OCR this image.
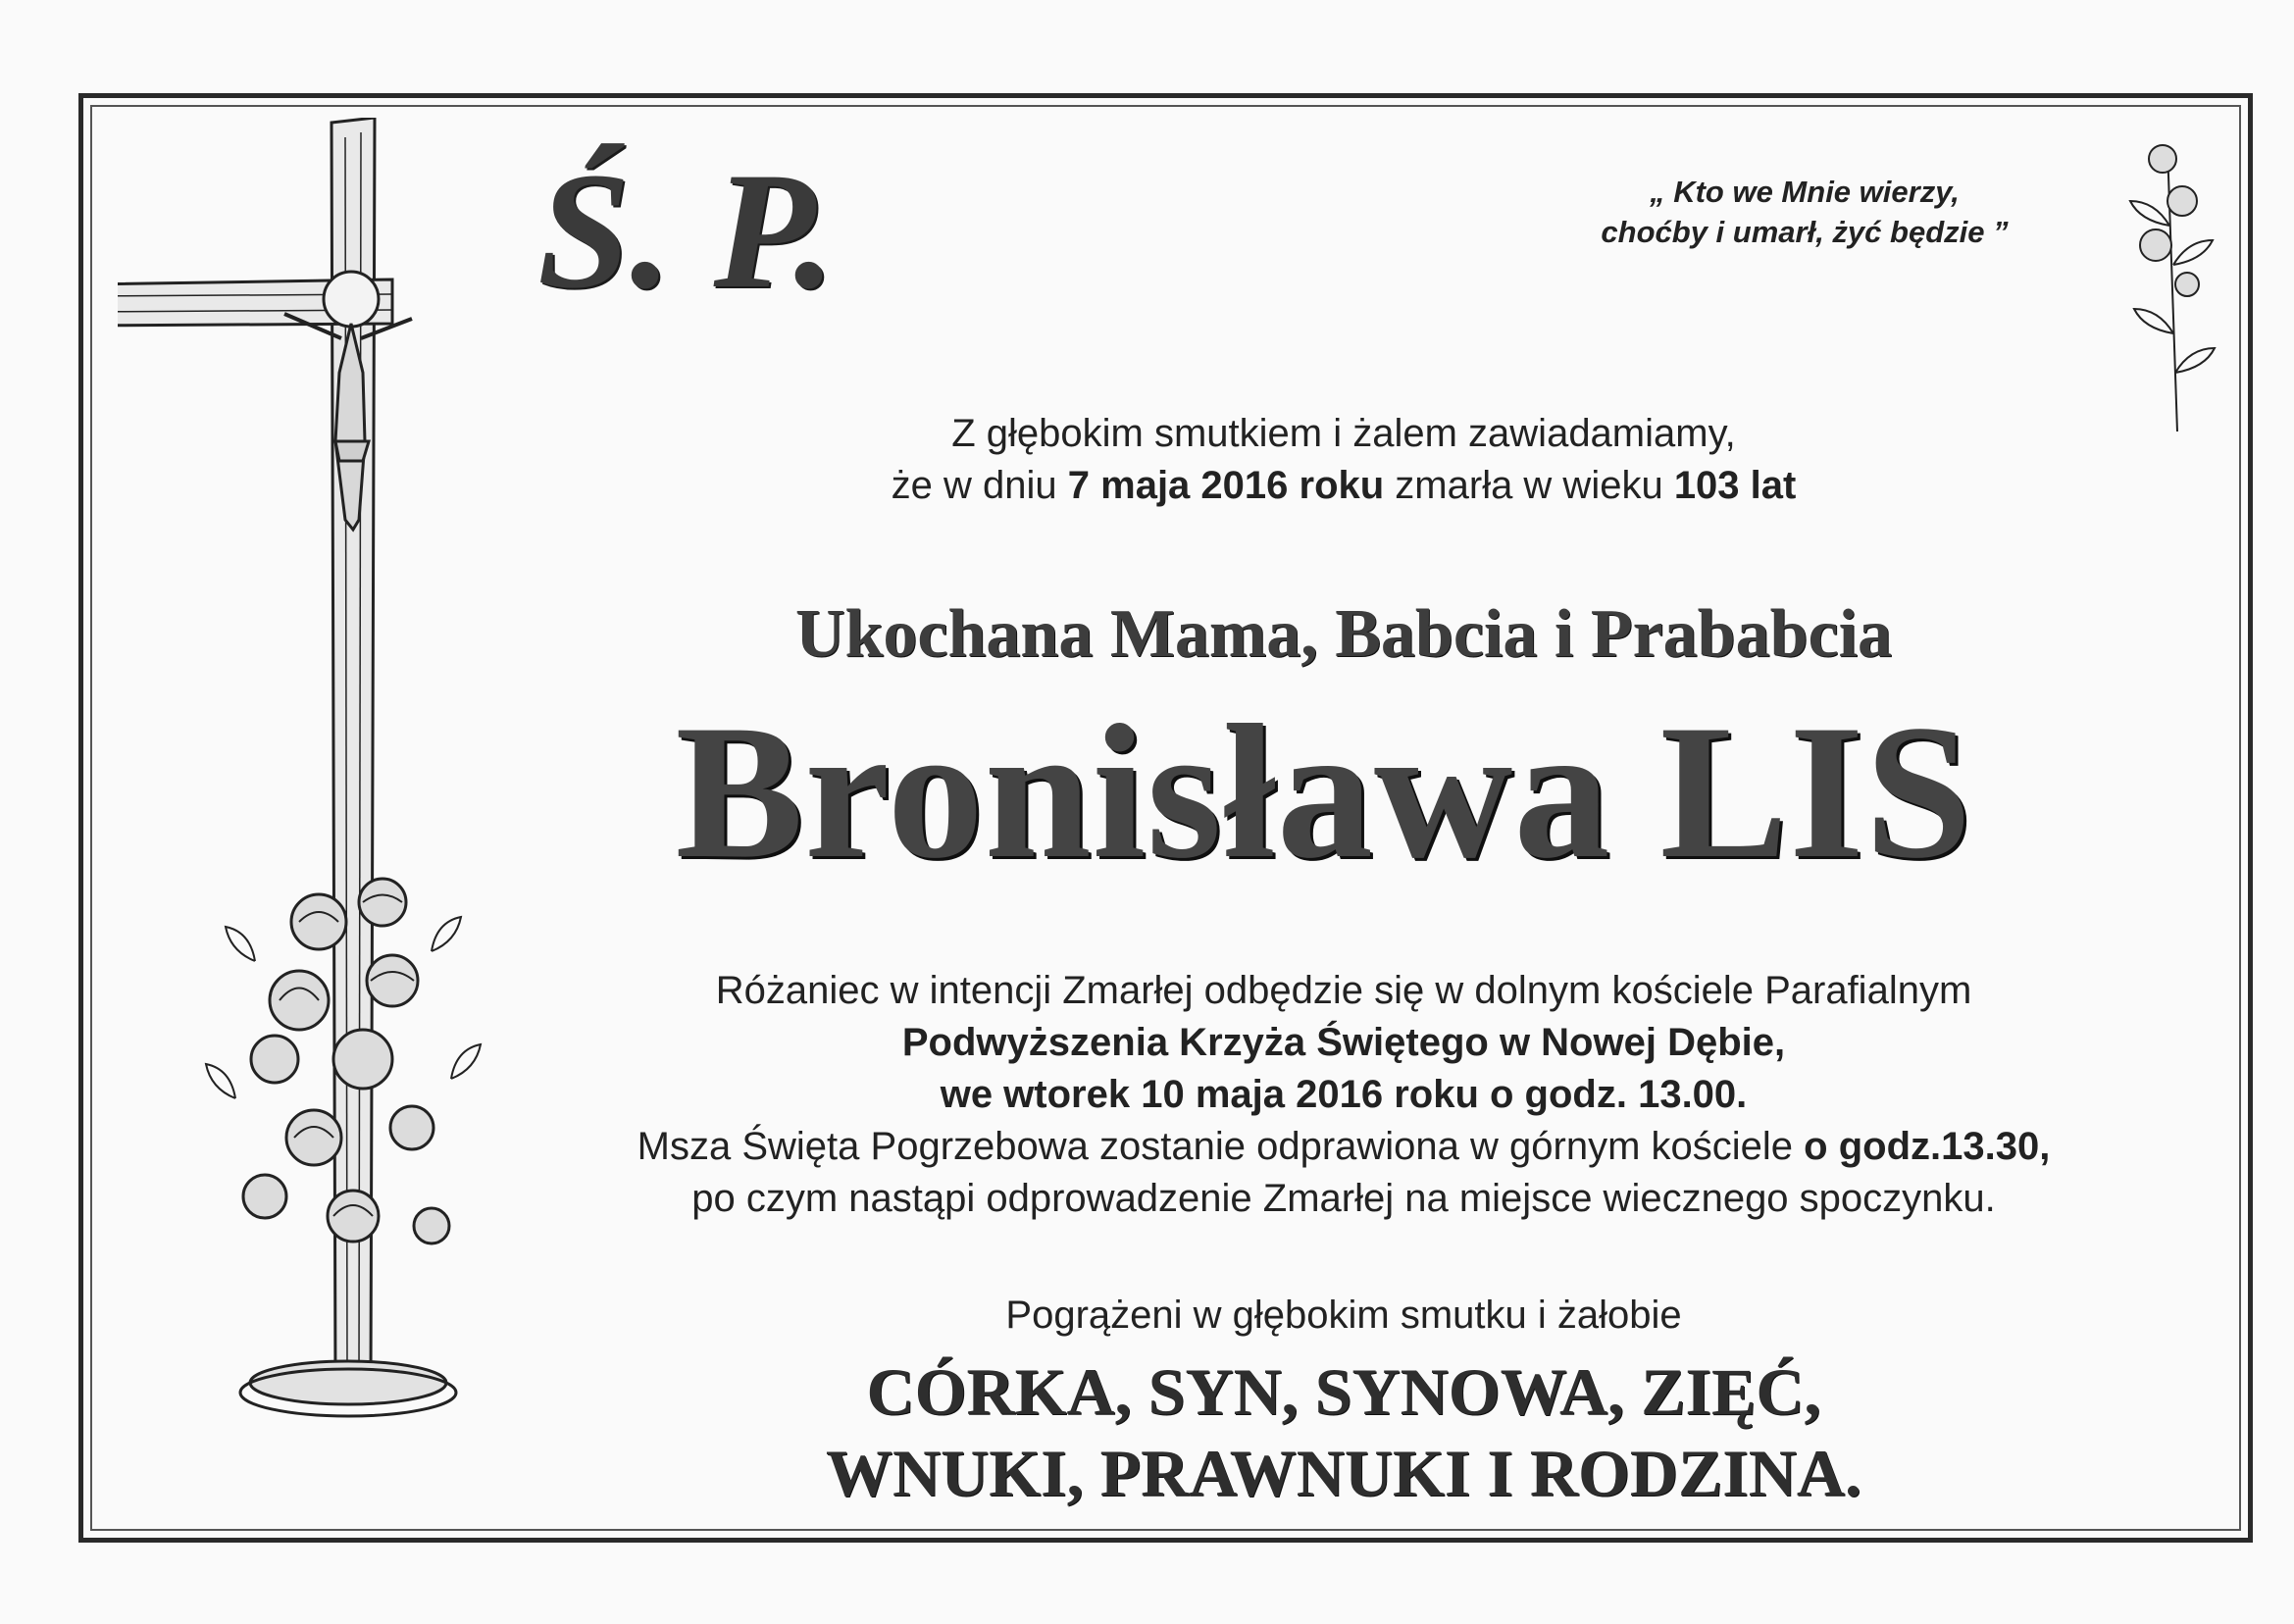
Ś. P.	„ Kto we Mnie wierzy,
choćby i umarł, żyć będzie ”
Z głębokim smutkiem i żalem zawiadamiamy,
że w dniu 7 maja 2016 roku zmarła w wieku 103 lat
Ukochana Mama, Babcia i Prababcia
Bronisława LIS
Różaniec w intencji Zmarłej odbędzie się w dolnym kościele Parafialnym
Podwyższenia Krzyża Świętego w Nowej Dębie,
we wtorek 10 maja 2016 roku o godz. 13.00.
Msza Święta Pogrzebowa zostanie odprawiona w górnym kościele o godz.13.30,
po czym nastąpi odprowadzenie Zmarłej na miejsce wiecznego spoczynku.
Pogrążeni w głębokim smutku i żałobie
CÓRKA, SYN, SYNOWA, ZIĘĆ,
WNUKI, PRAWNUKI I RODZINA.
